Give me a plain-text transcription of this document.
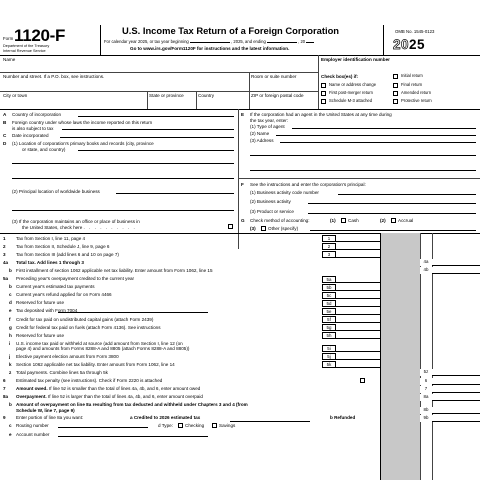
Form 1120-F
Department of the Treasury
Internal Revenue Service
U.S. Income Tax Return of a Foreign Corporation
For calendar year 2025, or tax year beginning	, 2025, and ending	, 20
Go to www.irs.gov/Form1120F for instructions and the latest information.
OMB No. 1545-0123
2025
Name	Employer identification number
Number and street. If a P.O. box, see instructions.	Room or suite number
City or town	State or province	Country	ZIP or foreign postal code
Check box(es) if:	Initial return
Name or address change
First post-merger return
Schedule M-3 attached
Final return
Amended return
Protective return
A Country of incorporation
B Foreign country under whose laws the income reported on this return
is also subject to tax
C Date incorporated
D (1) Location of corporation's primary books and records (city, province
or state, and country)
(2) Principal location of worldwide business
(3) If the corporation maintains an office or place of business in
the United States, check here . . . . . . . . . .
E If the corporation had an agent in the United States at any time during
the tax year, enter:
(1) Type of agent
(2) Name
(3) Address
F See the instructions and enter the corporation's principal:
(1) Business activity code number
(2) Business activity
(3) Product or service
G Check method of accounting:	(1)	Cash	(2)	Accrual
(3)	Other (specify)
1 Tax from Section I, line 11, page 4	1
2 Tax from Section II, Schedule J, line 9, page 6	2
3 Tax from Section III (add lines 6 and 10 on page 7)	3
4a Total tax. Add lines 1 through 3	4a
b First installment of section 1062 applicable net tax liability. Enter amount from Form 1062, line 15	4b
5a Preceding year's overpayment credited to the current year	5a
b Current year's estimated tax payments	5b
c Current year's refund applied for on Form 4466	5c
d Reserved for future use	5d
e Tax deposited with Form 7004	5e
f Credit for tax paid on undistributed capital gains (attach Form 2439)	5f
g Credit for federal tax paid on fuels (attach Form 4136). See instructions	5g
h Reserved for future use	5h
i U.S. income tax paid or withheld at source (add amount from Section I, line 12 (on
page 4) and amounts from Forms 8288-A and 8805 (attach Forms 8288-A and 8805))	5i
j Elective payment election amount from Form 3800	5j
k Section 1062 applicable net tax liability. Enter amount from Form 1062, line 14	5k
z Total payments. Combine lines 5a through 5k	5z
6 Estimated tax penalty (see instructions). Check if Form 2220 is attached	6
7 Amount owed. If line 5z is smaller than the total of lines 4a, 4b, and 6, enter amount owed	7
8a Overpayment. If line 5z is larger than the total of lines 4a, 4b, and 6, enter amount overpaid	8a
b Amount of overpayment on line 8a resulting from tax deducted and withheld under Chapters 3 and 4 (from
Schedule W, line 7, page 9)	8b
9 Enter portion of line 8a you want:	9b
a Credited to 2026 estimated tax	b Refunded
c Routing number	d Type:	Checking	Savings
e Account number
